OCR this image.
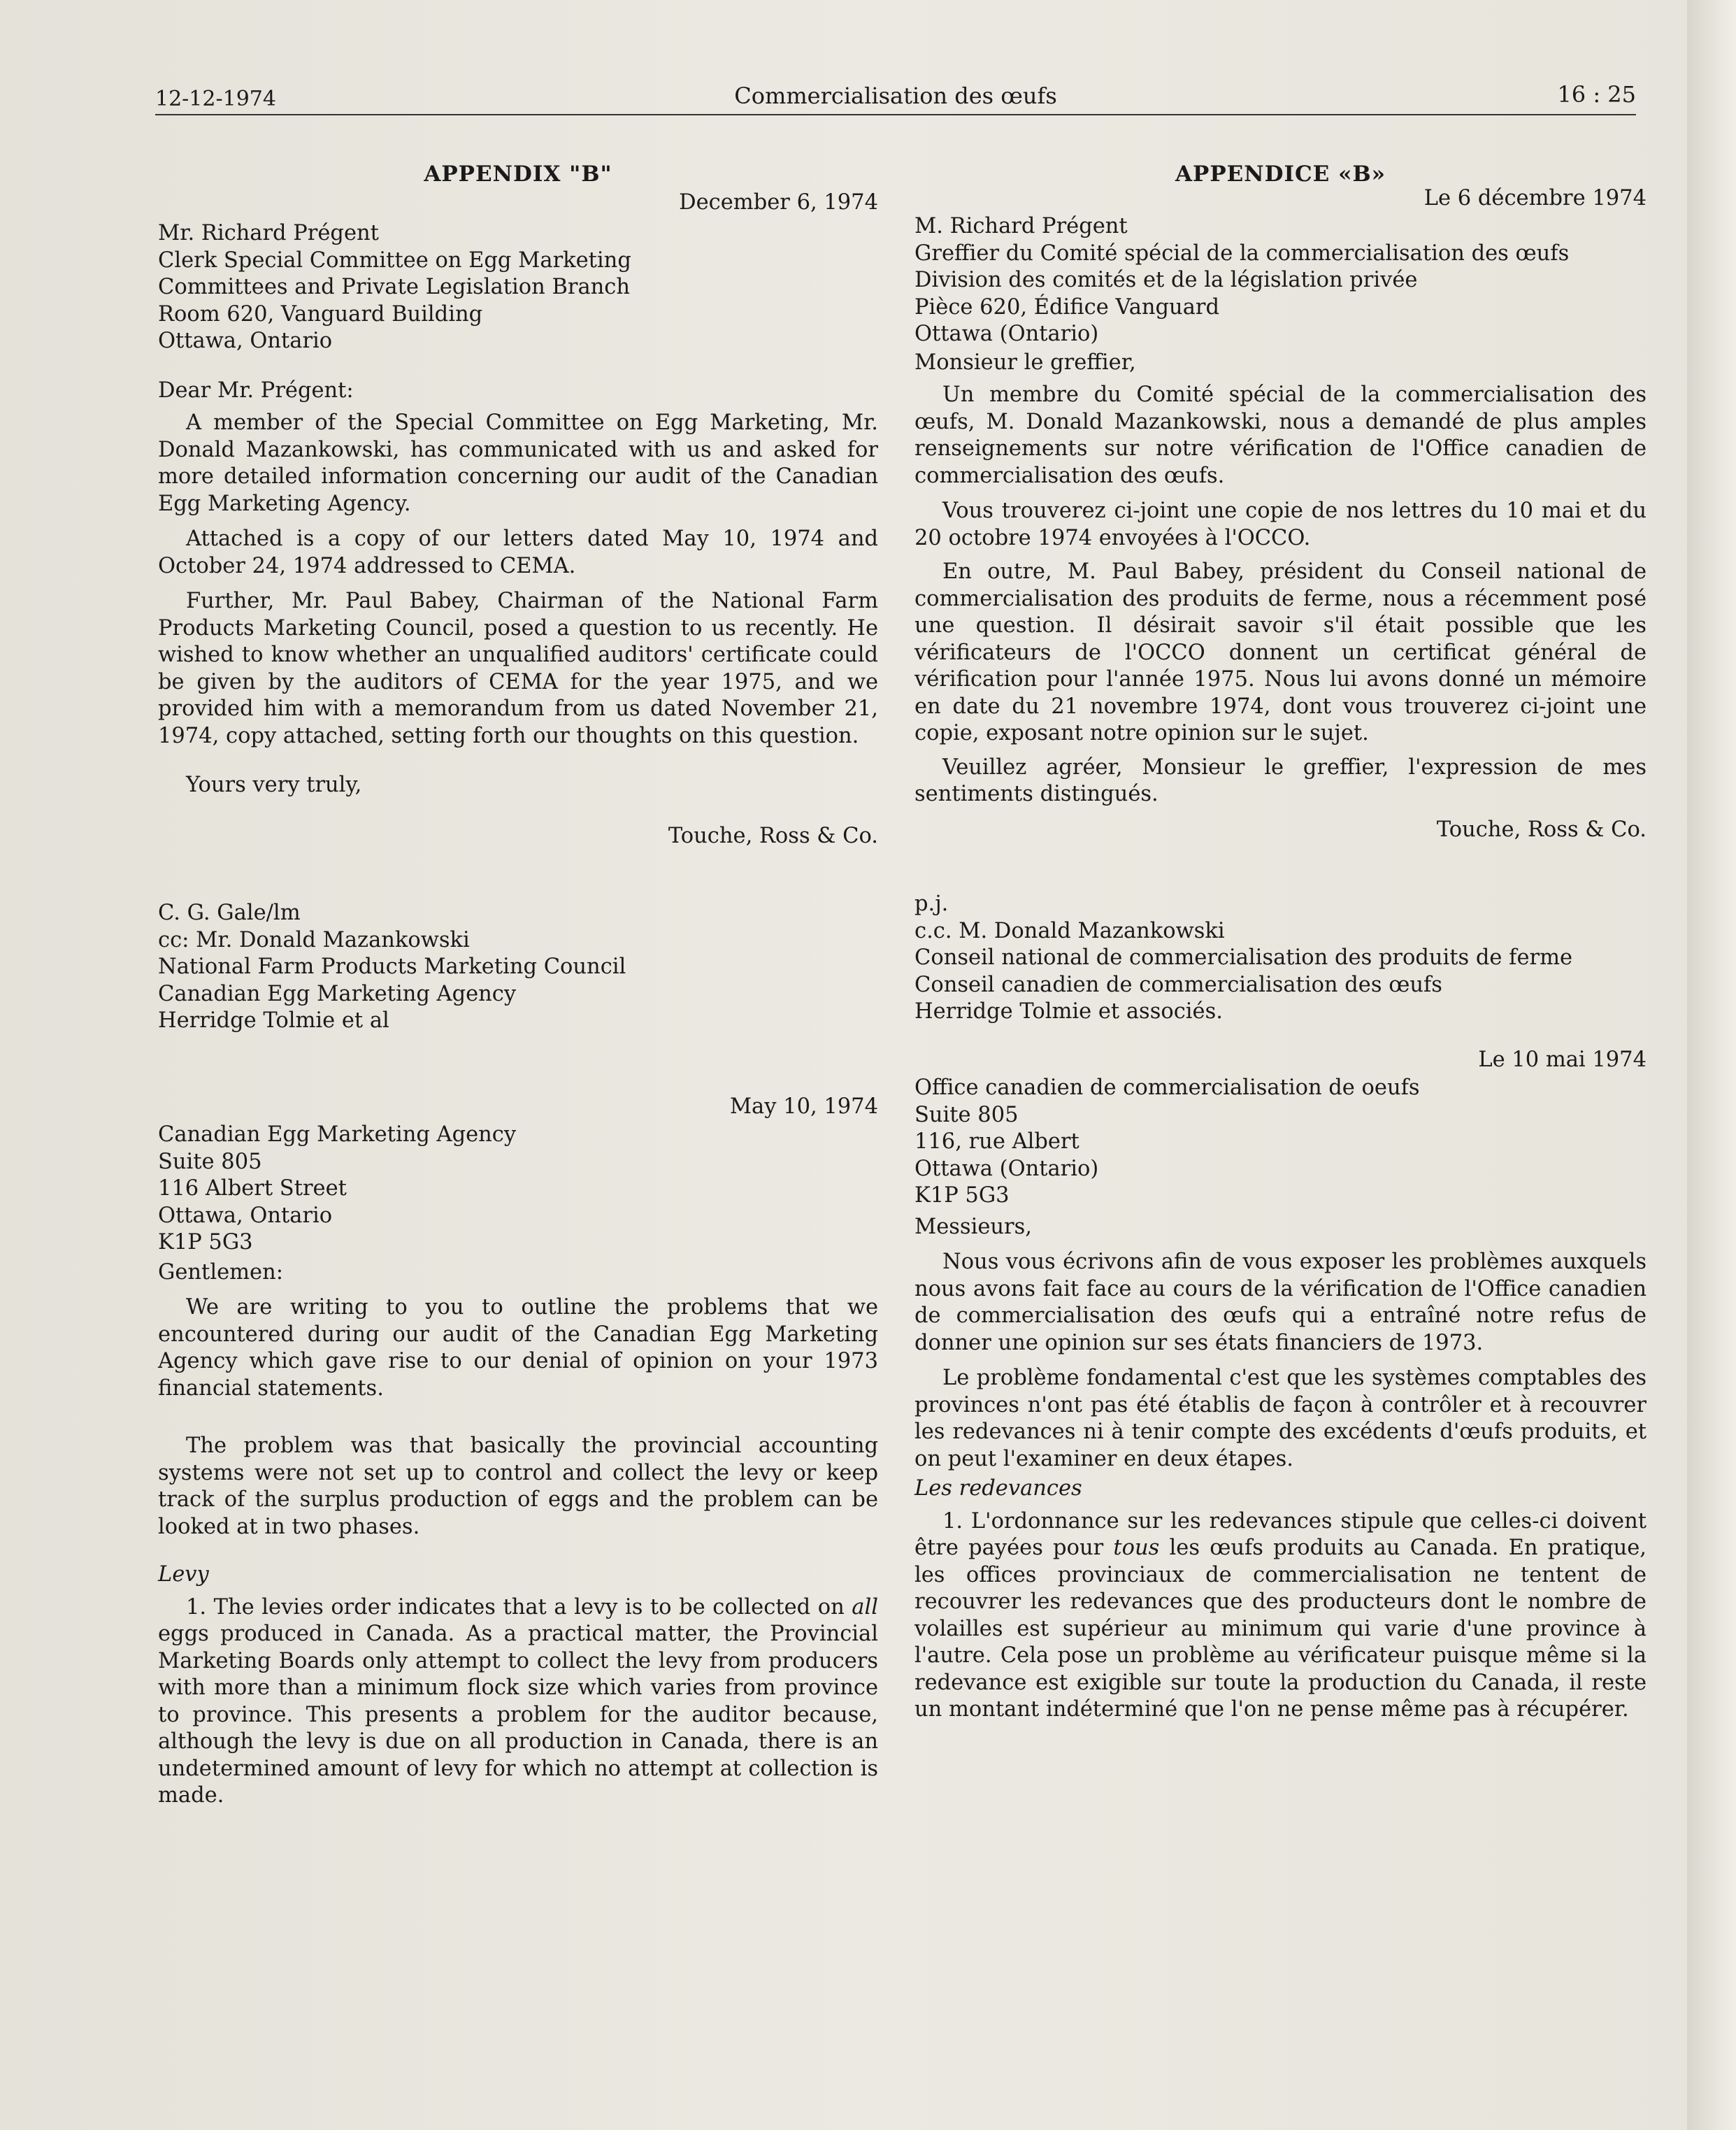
12-12-1974	Commercialisation des œufs	16 : 25

APPENDIX "B"

December 6, 1974

Mr. Richard Prégent
Clerk Special Committee on Egg Marketing
Committees and Private Legislation Branch
Room 620, Vanguard Building
Ottawa, Ontario

Dear Mr. Prégent:

A member of the Special Committee on Egg Marketing, Mr. Donald Mazankowski, has communicated with us and asked for more detailed information concerning our audit of the Canadian Egg Marketing Agency.

Attached is a copy of our letters dated May 10, 1974 and October 24, 1974 addressed to CEMA.

Further, Mr. Paul Babey, Chairman of the National Farm Products Marketing Council, posed a question to us recently. He wished to know whether an unqualified auditors' certificate could be given by the auditors of CEMA for the year 1975, and we provided him with a memorandum from us dated November 21, 1974, copy attached, setting forth our thoughts on this question.

Yours very truly,

Touche, Ross & Co.

C. G. Gale/lm
cc: Mr. Donald Mazankowski
National Farm Products Marketing Council
Canadian Egg Marketing Agency
Herridge Tolmie et al

May 10, 1974

Canadian Egg Marketing Agency
Suite 805
116 Albert Street
Ottawa, Ontario
K1P 5G3

Gentlemen:

We are writing to you to outline the problems that we encountered during our audit of the Canadian Egg Marketing Agency which gave rise to our denial of opinion on your 1973 financial statements.

The problem was that basically the provincial accounting systems were not set up to control and collect the levy or keep track of the surplus production of eggs and the problem can be looked at in two phases.

Levy

1. The levies order indicates that a levy is to be collected on all eggs produced in Canada. As a practical matter, the Provincial Marketing Boards only attempt to collect the levy from producers with more than a minimum flock size which varies from province to province. This presents a problem for the auditor because, although the levy is due on all production in Canada, there is an undetermined amount of levy for which no attempt at collection is made.

APPENDICE «B»

Le 6 décembre 1974

M. Richard Prégent
Greffier du Comité spécial de la commercialisation des œufs
Division des comités et de la législation privée
Pièce 620, Édifice Vanguard
Ottawa (Ontario)

Monsieur le greffier,

Un membre du Comité spécial de la commercialisation des œufs, M. Donald Mazankowski, nous a demandé de plus amples renseignements sur notre vérification de l'Office canadien de commercialisation des œufs.

Vous trouverez ci-joint une copie de nos lettres du 10 mai et du 20 octobre 1974 envoyées à l'OCCO.

En outre, M. Paul Babey, président du Conseil national de commercialisation des produits de ferme, nous a récemment posé une question. Il désirait savoir s'il était possible que les vérificateurs de l'OCCO donnent un certificat général de vérification pour l'année 1975. Nous lui avons donné un mémoire en date du 21 novembre 1974, dont vous trouverez ci-joint une copie, exposant notre opinion sur le sujet.

Veuillez agréer, Monsieur le greffier, l'expression de mes sentiments distingués.

Touche, Ross & Co.

p.j.
c.c. M. Donald Mazankowski
Conseil national de commercialisation des produits de ferme
Conseil canadien de commercialisation des œufs
Herridge Tolmie et associés.

Le 10 mai 1974

Office canadien de commercialisation de oeufs
Suite 805
116, rue Albert
Ottawa (Ontario)
K1P 5G3

Messieurs,

Nous vous écrivons afin de vous exposer les problèmes auxquels nous avons fait face au cours de la vérification de l'Office canadien de commercialisation des œufs qui a entraîné notre refus de donner une opinion sur ses états financiers de 1973.

Le problème fondamental c'est que les systèmes comptables des provinces n'ont pas été établis de façon à contrôler et à recouvrer les redevances ni à tenir compte des excédents d'œufs produits, et on peut l'examiner en deux étapes.

Les redevances

1. L'ordonnance sur les redevances stipule que celles-ci doivent être payées pour tous les œufs produits au Canada. En pratique, les offices provinciaux de commercialisation ne tentent de recouvrer les redevances que des producteurs dont le nombre de volailles est supérieur au minimum qui varie d'une province à l'autre. Cela pose un problème au vérificateur puisque même si la redevance est exigible sur toute la production du Canada, il reste un montant indéterminé que l'on ne pense même pas à récupérer.
